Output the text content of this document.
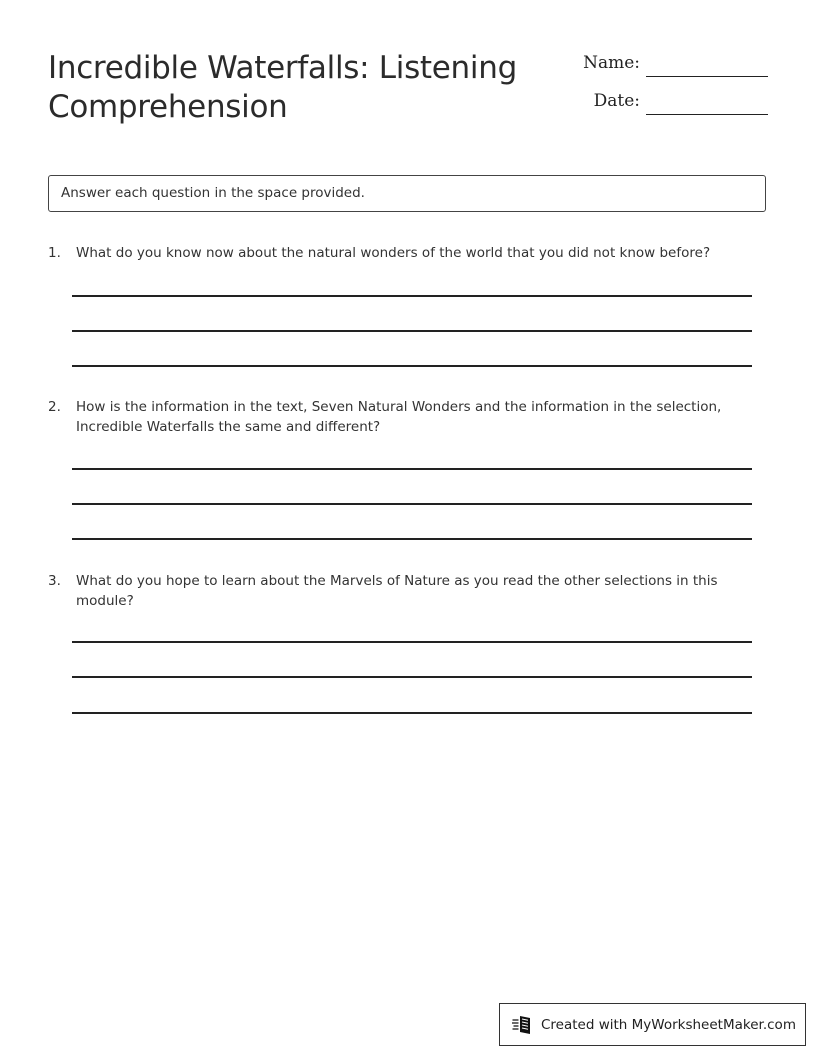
Incredible Waterfalls: Listening Comprehension
Name:
Date:
Answer each question in the space provided.
1. What do you know now about the natural wonders of the world that you did not know before?
2. How is the information in the text, Seven Natural Wonders and the information in the selection, Incredible Waterfalls the same and different?
3. What do you hope to learn about the Marvels of Nature as you read the other selections in this module?
Created with MyWorksheetMaker.com
